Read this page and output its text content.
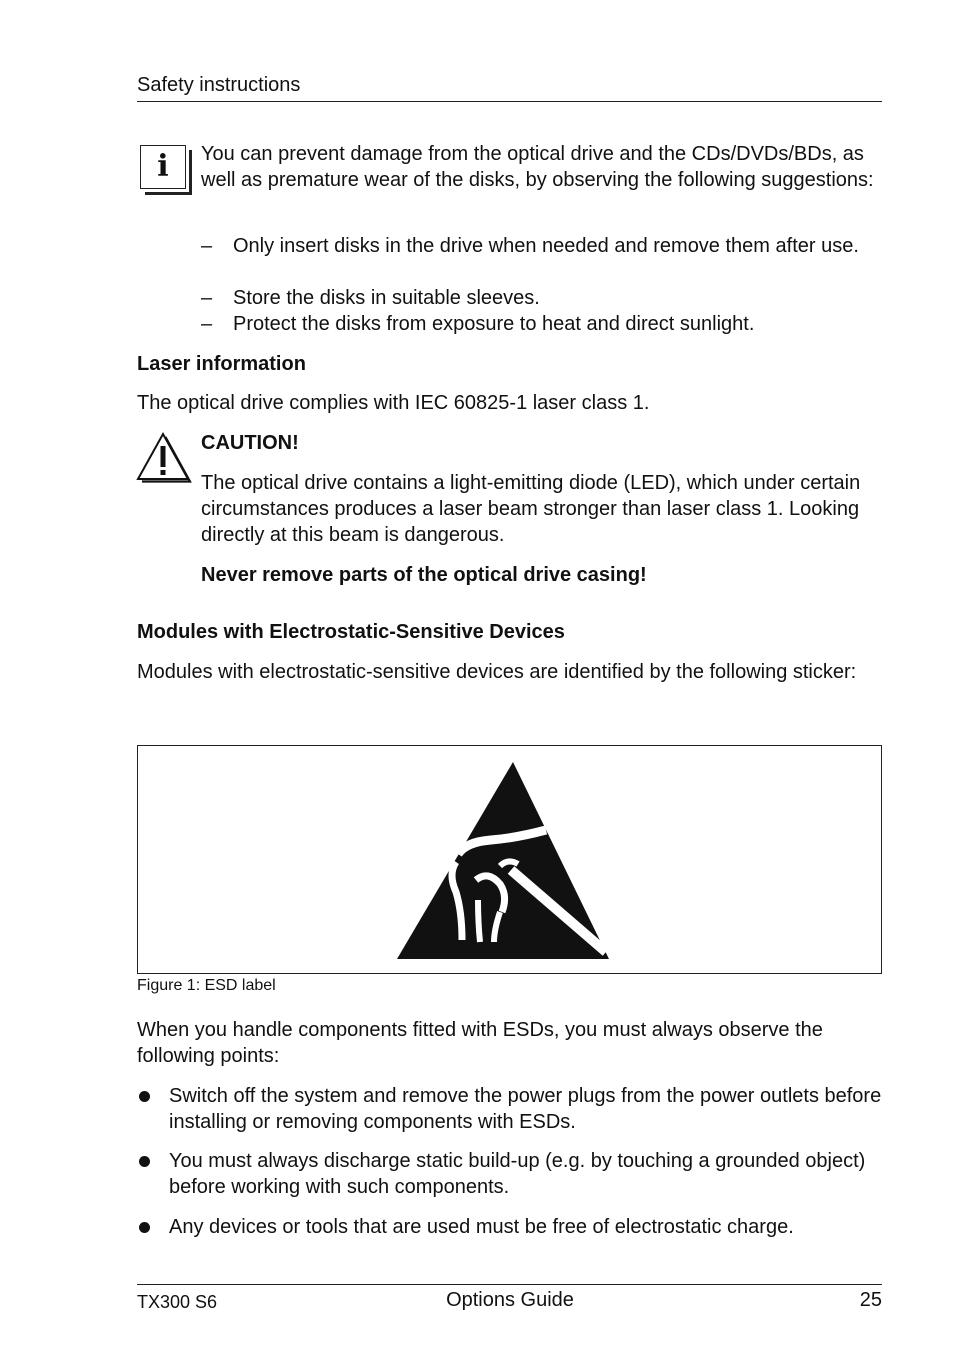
Safety instructions
i	You can prevent damage from the optical drive and the CDs/DVDs/BDs, as well as premature wear of the disks, by observing the following suggestions:
– Only insert disks in the drive when needed and remove them after use.
– Store the disks in suitable sleeves.
– Protect the disks from exposure to heat and direct sunlight.
Laser information
The optical drive complies with IEC 60825-1 laser class 1.
CAUTION!
The optical drive contains a light-emitting diode (LED), which under certain circumstances produces a laser beam stronger than laser class 1. Looking directly at this beam is dangerous.
Never remove parts of the optical drive casing!
Modules with Electrostatic-Sensitive Devices
Modules with electrostatic-sensitive devices are identified by the following sticker:
Figure 1: ESD label
When you handle components fitted with ESDs, you must always observe the following points:
Switch off the system and remove the power plugs from the power outlets before installing or removing components with ESDs.
You must always discharge static build-up (e.g. by touching a grounded object) before working with such components.
Any devices or tools that are used must be free of electrostatic charge.
TX300 S6	Options Guide	25
